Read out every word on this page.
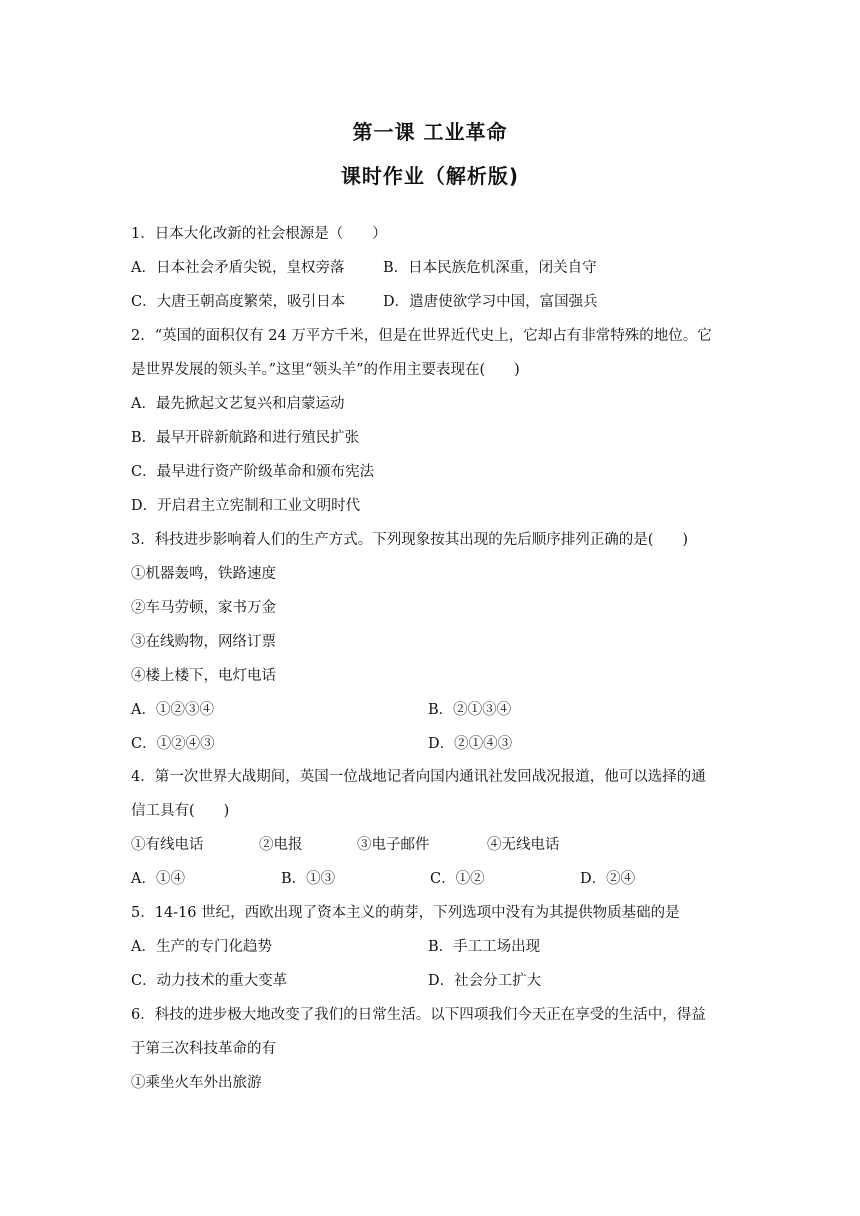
第一课 工业革命
课时作业（解析版)
1．日本大化改新的社会根源是（　　）
A．日本社会矛盾尖锐，皇权旁落	B．日本民族危机深重，闭关自守
C．大唐王朝高度繁荣，吸引日本	D．遣唐使欲学习中国，富国强兵
2．“英国的面积仅有 24 万平方千米，但是在世界近代史上，它却占有非常特殊的地位。它
是世界发展的领头羊。”这里“领头羊”的作用主要表现在(　　)
A．最先掀起文艺复兴和启蒙运动
B．最早开辟新航路和进行殖民扩张
C．最早进行资产阶级革命和颁布宪法
D．开启君主立宪制和工业文明时代
3．科技进步影响着人们的生产方式。下列现象按其出现的先后顺序排列正确的是(　　)
①机器轰鸣，铁路速度
②车马劳顿，家书万金
③在线购物，网络订票
④楼上楼下，电灯电话
A．①②③④	B．②①③④
C．①②④③	D．②①④③
4．第一次世界大战期间，英国一位战地记者向国内通讯社发回战况报道，他可以选择的通
信工具有(　　)
①有线电话	②电报	③电子邮件	④无线电话
A．①④	B．①③	C．①②	D．②④
5．14-16 世纪，西欧出现了资本主义的萌芽，下列选项中没有为其提供物质基础的是
A．生产的专门化趋势	B．手工工场出现
C．动力技术的重大变革	D．社会分工扩大
6．科技的进步极大地改变了我们的日常生活。以下四项我们今天正在享受的生活中，得益
于第三次科技革命的有
①乘坐火车外出旅游
